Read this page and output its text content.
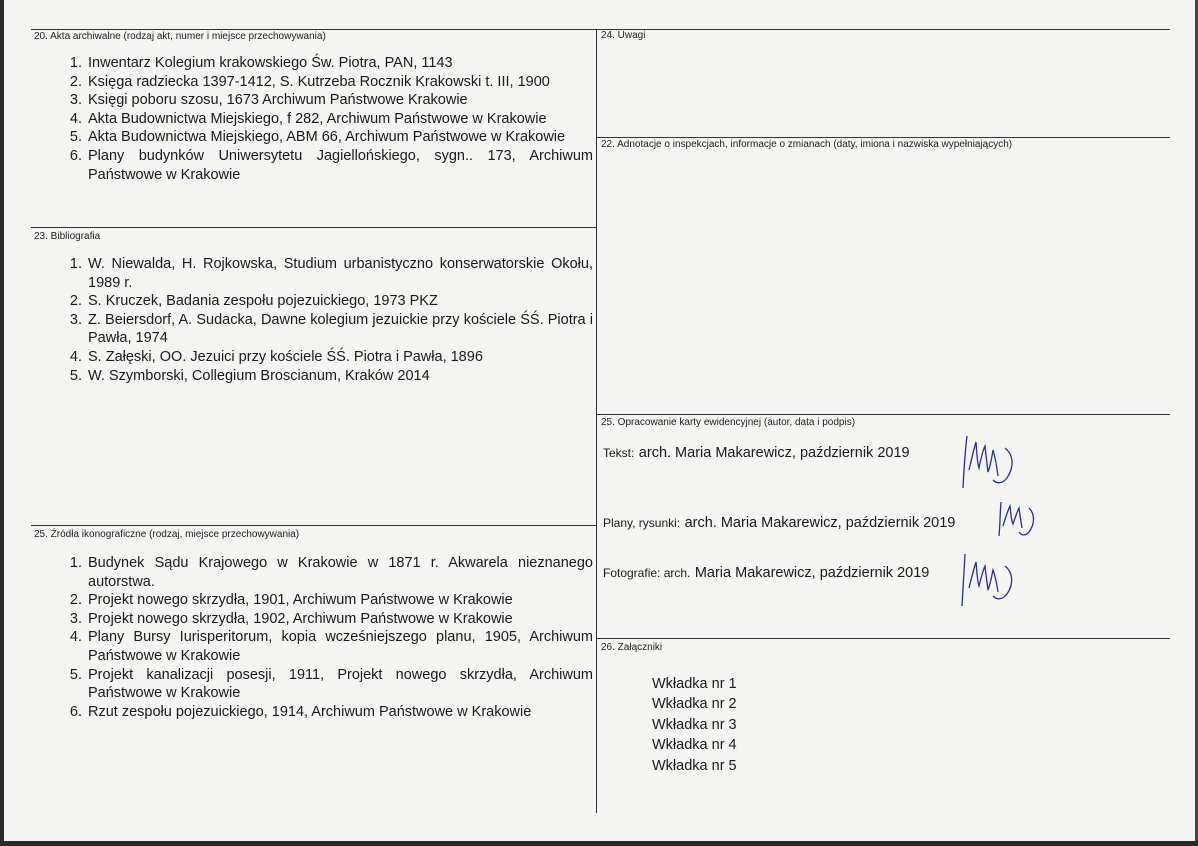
20. Akta archiwalne (rodzaj akt, numer i miejsce przechowywania)
Inwentarz Kolegium krakowskiego Św. Piotra, PAN, 1143
Księga radziecka 1397-1412, S. Kutrzeba Rocznik Krakowski t. III, 1900
Księgi poboru szosu, 1673 Archiwum Państwowe Krakowie
Akta Budownictwa Miejskiego, f 282, Archiwum Państwowe w Krakowie
Akta Budownictwa Miejskiego, ABM 66, Archiwum Państwowe w Krakowie
Plany budynków Uniwersytetu Jagiellońskiego, sygn.. 173, Archiwum Państwowe w Krakowie
23. Bibliografia
W. Niewalda, H. Rojkowska, Studium urbanistyczno konserwatorskie Okołu, 1989 r.
S. Kruczek, Badania zespołu pojezuickiego, 1973 PKZ
Z. Beiersdorf, A. Sudacka, Dawne kolegium jezuickie przy kościele ŚŚ. Piotra i Pawła, 1974
S. Załęski, OO. Jezuici przy kościele ŚŚ. Piotra i Pawła, 1896
W. Szymborski, Collegium Broscianum, Kraków 2014
25. Źródła ikonograficzne (rodzaj, miejsce przechowywania)
Budynek Sądu Krajowego w Krakowie w 1871 r. Akwarela nieznanego autorstwa.
Projekt nowego skrzydła, 1901, Archiwum Państwowe w Krakowie
Projekt nowego skrzydła, 1902, Archiwum Państwowe w Krakowie
Plany Bursy Iurisperitorum, kopia wcześniejszego planu, 1905, Archiwum Państwowe w Krakowie
Projekt kanalizacji posesji, 1911, Projekt nowego skrzydła, Archiwum Państwowe w Krakowie
Rzut zespołu pojezuickiego, 1914, Archiwum Państwowe w Krakowie
24. Uwagi
22. Adnotacje o inspekcjach, informacje o zmianach (daty, imiona i nazwiska wypełniających)
25. Opracowanie karty ewidencyjnej (autor, data i podpis)
Tekst: arch. Maria Makarewicz, październik 2019
Plany, rysunki: arch. Maria Makarewicz, październik 2019
Fotografie: arch. Maria Makarewicz, październik 2019
26. Załączniki
Wkładka nr 1
Wkładka nr 2
Wkładka nr 3
Wkładka nr 4
Wkładka nr 5
